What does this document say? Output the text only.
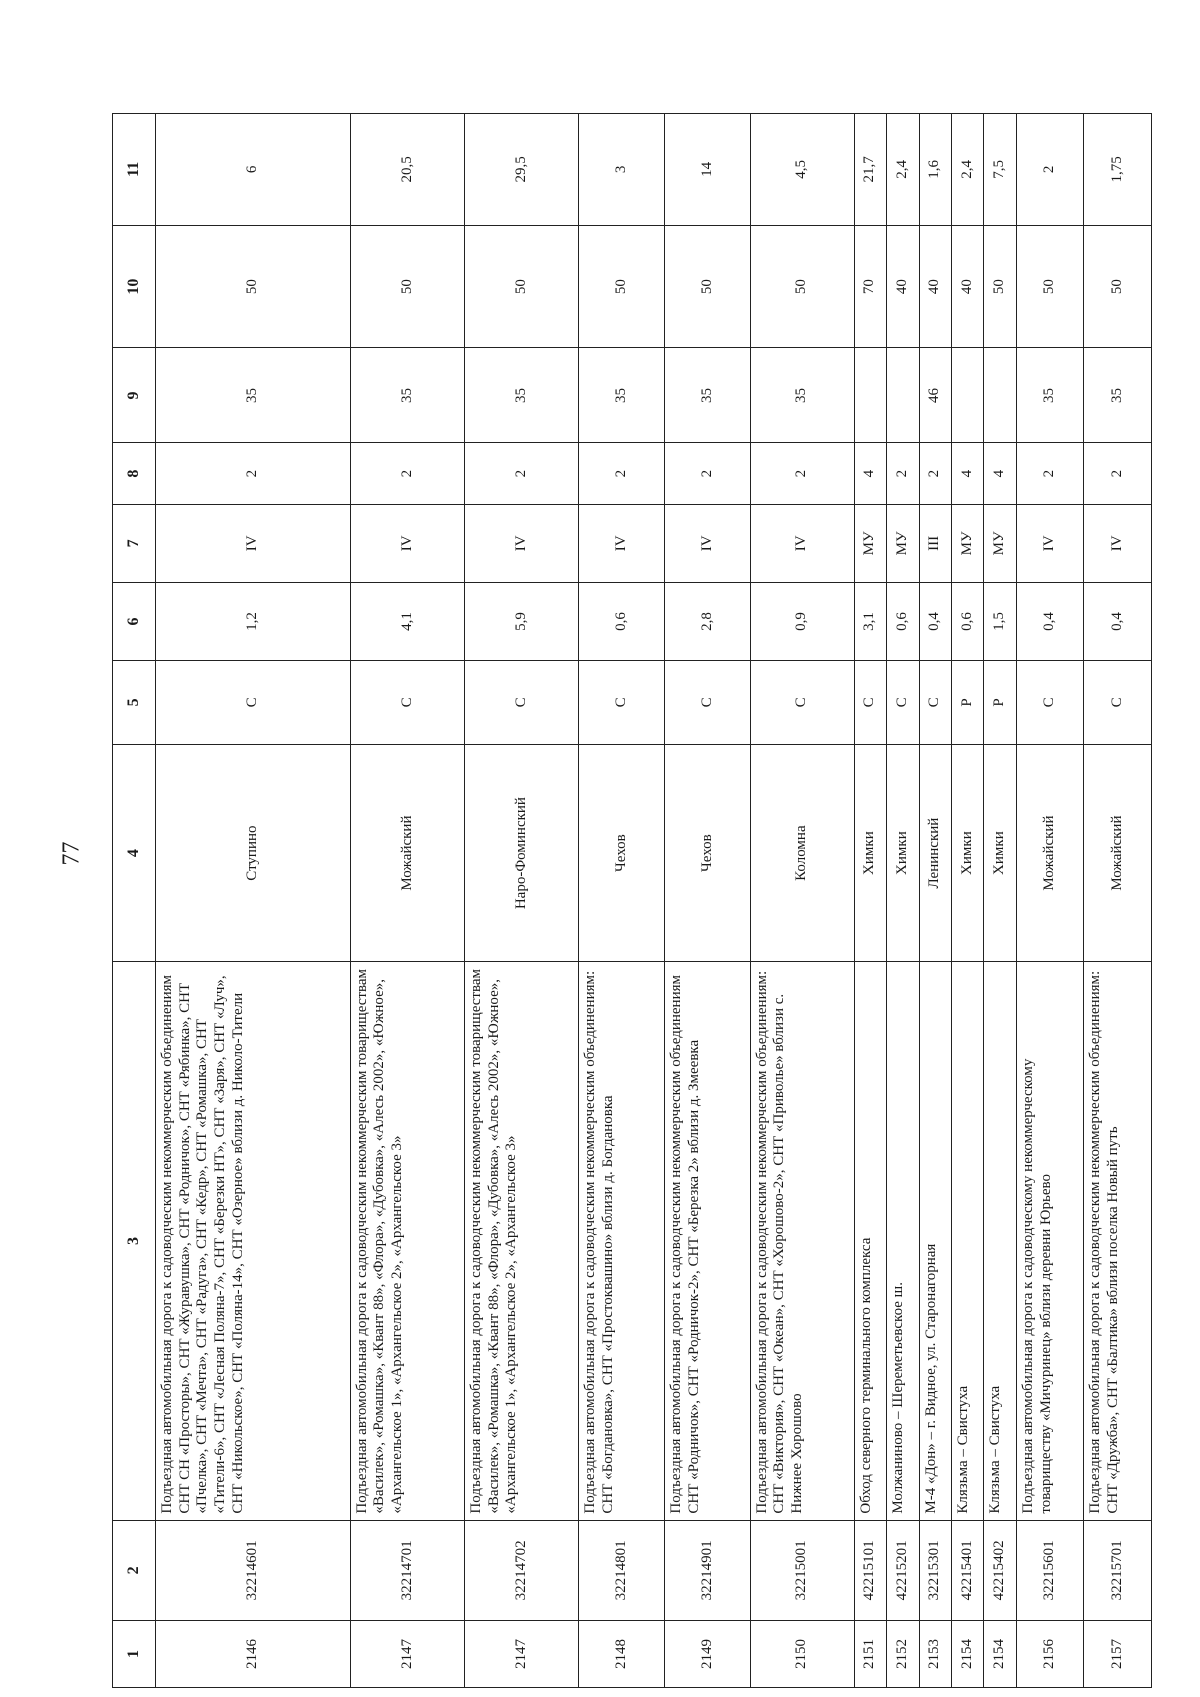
77
1	2	3	4	5	6	7	8	9	10	11
2146	32214601	Подъездная автомобильная дорога к садоводческим некоммерческим объединениям СНТ СН «Просторы», СНТ «Журавушка», СНТ «Родничок», СНТ «Рябинка», СНТ «Пчелка», СНТ «Мечта», СНТ «Радуга», СНТ «Кедр», СНТ «Ромашка», СНТ «Тители-6», СНТ «Лесная Поляна-7», СНТ «Березки НТ», СНТ «Заря», СНТ «Луч», СНТ «Никольское», СНТ «Поляна-14», СНТ «Озерное» вблизи д. Николо-Тители	Ступино	С	1,2	IV	2	35	50	6
2147	32214701	Подъездная автомобильная дорога к садоводческим некоммерческим товариществам «Василек», «Ромашка», «Квант 88», «Флора», «Дубовка», «Алесь 2002», «Южное», «Архангельское 1», «Архангельское 2», «Архангельское 3»	Можайский	С	4,1	IV	2	35	50	20,5
2147	32214702	Подъездная автомобильная дорога к садоводческим некоммерческим товариществам «Василек», «Ромашка», «Квант 88», «Флора», «Дубовка», «Алесь 2002», «Южное», «Архангельское 1», «Архангельское 2», «Архангельское 3»	Наро-Фоминский	С	5,9	IV	2	35	50	29,5
2148	32214801	Подъездная автомобильная дорога к садоводческим некоммерческим объединениям: СНТ «Богдановка», СНТ «Простоквашино» вблизи д. Богдановка	Чехов	С	0,6	IV	2	35	50	3
2149	32214901	Подъездная автомобильная дорога к садоводческим некоммерческим объединениям СНТ «Родничок», СНТ «Родничок-2», СНТ «Березка 2» вблизи д. Змеевка	Чехов	С	2,8	IV	2	35	50	14
2150	32215001	Подъездная автомобильная дорога к садоводческим некоммерческим объединениям: СНТ «Виктория», СНТ «Океан», СНТ «Хорошово-2», СНТ «Приволье» вблизи с. Нижнее Хорошово	Коломна	С	0,9	IV	2	35	50	4,5
2151	42215101	Обход северного терминального комплекса	Химки	С	3,1	МУ	4		70	21,7
2152	42215201	Молжаниново – Шереметьевское ш.	Химки	С	0,6	МУ	2		40	2,4
2153	32215301	М-4 «Дон» – г. Видное, ул. Старонагорная	Ленинский	С	0,4	III	2	46	40	1,6
2154	42215401	Клязьма – Свистуха	Химки	Р	0,6	МУ	4		40	2,4
2154	42215402	Клязьма – Свистуха	Химки	Р	1,5	МУ	4		50	7,5
2156	32215601	Подъездная автомобильная дорога к садоводческому некоммерческому товариществу «Мичуринец» вблизи деревни Юрьево	Можайский	С	0,4	IV	2	35	50	2
2157	32215701	Подъездная автомобильная дорога к садоводческим некоммерческим объединениям: СНТ «Дружба», СНТ «Балтика» вблизи поселка Новый путь	Можайский	С	0,4	IV	2	35	50	1,75
